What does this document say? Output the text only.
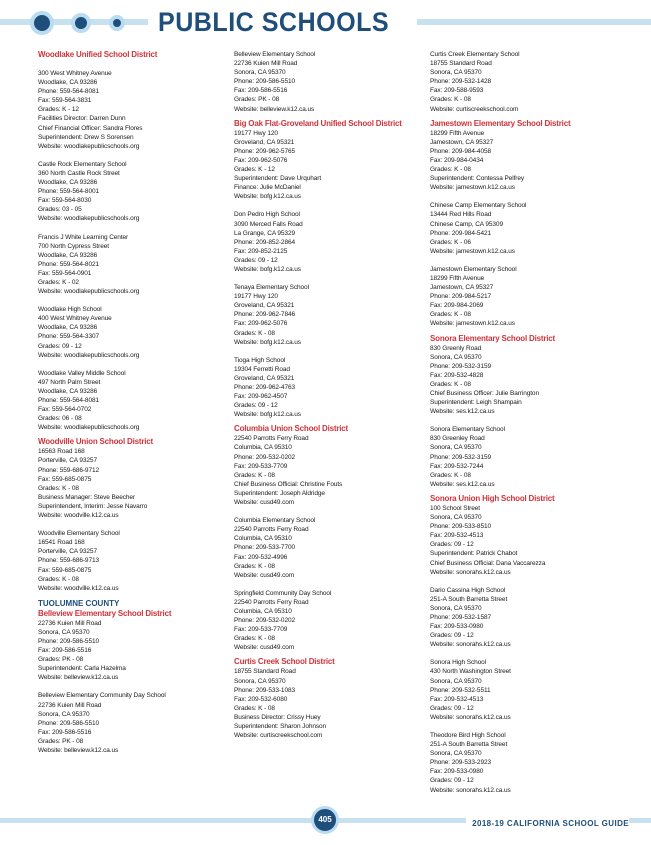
PUBLIC SCHOOLS
Woodlake Unified School District
300 West Whitney Avenue
Woodlake, CA 93286
Phone: 559-564-8081
Fax: 559-564-3831
Grades: K - 12
Facilities Director: Darren Dunn
Chief Financial Officer: Sandra Flores
Superintendent: Drew S Sorensen
Website: woodlakepublicschools.org
Castle Rock Elementary School
360 North Castle Rock Street
Woodlake, CA 93286
Phone: 559-564-8001
Fax: 559-564-8030
Grades: 03 - 05
Website: woodlakepublicschools.org
Francis J White Learning Center
700 North Cypress Street
Woodlake, CA 93286
Phone: 559-564-8021
Fax: 559-564-0901
Grades: K - 02
Website: woodlakepublicschools.org
Woodlake High School
400 West Whitney Avenue
Woodlake, CA 93286
Phone: 559-564-3307
Grades: 09 - 12
Website: woodlakepublicschools.org
Woodlake Valley Middle School
497 North Palm Street
Woodlake, CA 93286
Phone: 559-564-8081
Fax: 559-564-0702
Grades: 06 - 08
Website: woodlakepublicschools.org
Woodville Union School District
16563 Road 168
Porterville, CA 93257
Phone: 559-686-9712
Fax: 559-685-0875
Grades: K - 08
Business Manager: Steve Beecher
Superintendent, Interim: Jesse Navarro
Website: woodville.k12.ca.us
Woodville Elementary School
16541 Road 168
Porterville, CA 93257
Phone: 559-686-9713
Fax: 559-685-0875
Grades: K - 08
Website: woodville.k12.ca.us
TUOLUMNE COUNTY
Belleview Elementary School District
22736 Kuien Mill Road
Sonora, CA 95370
Phone: 209-586-5510
Fax: 209-586-5516
Grades: PK - 08
Superintendent: Carla Hazelma
Website: belleview.k12.ca.us
Belleview Elementary Community Day School
22736 Kuien Mill Road
Sonora, CA 95370
Phone: 209-586-5510
Fax: 209-586-5516
Grades: PK - 08
Website: belleview.k12.ca.us
Belleview Elementary School
22736 Kuien Mill Road
Sonora, CA 95370
Phone: 209-586-5510
Fax: 209-586-5516
Grades: PK - 08
Website: belleview.k12.ca.us
Big Oak Flat-Groveland Unified School District
19177 Hwy 120
Groveland, CA 95321
Phone: 209-962-5765
Fax: 209-962-5076
Grades: K - 12
Superintendent: Dave Urquhart
Finance: Julie McDaniel
Website: bofg.k12.ca.us
Don Pedro High School
3090 Merced Falls Road
La Grange, CA 95329
Phone: 209-852-2864
Fax: 209-852-2125
Grades: 09 - 12
Website: bofg.k12.ca.us
Tenaya Elementary School
19177 Hwy 120
Groveland, CA 95321
Phone: 209-962-7846
Fax: 209-962-5076
Grades: K - 08
Website: bofg.k12.ca.us
Tioga High School
19304 Ferretti Road
Groveland, CA 95321
Phone: 209-962-4763
Fax: 209-962-4507
Grades: 09 - 12
Website: bofg.k12.ca.us
Columbia Union School District
22540 Parrotts Ferry Road
Columbia, CA 95310
Phone: 209-532-0202
Fax: 209-533-7709
Grades: K - 08
Chief Business Official: Christine Fouts
Superintendent: Joseph Aldridge
Website: cusd49.com
Columbia Elementary School
22540 Parrotts Ferry Road
Columbia, CA 95310
Phone: 209-533-7700
Fax: 209-532-4996
Grades: K - 08
Website: cusd49.com
Springfield Community Day School
22540 Parrotts Ferry Road
Columbia, CA 95310
Phone: 209-532-0202
Fax: 209-533-7709
Grades: K - 08
Website: cusd49.com
Curtis Creek School District
18755 Standard Road
Sonora, CA 95370
Phone: 209-533-1083
Fax: 209-532-6080
Grades: K - 08
Business Director: Crissy Huey
Superintendent: Sharon Johnson
Website: curtiscreekschool.com
Curtis Creek Elementary School
18755 Standard Road
Sonora, CA 95370
Phone: 209-532-1428
Fax: 209-588-9593
Grades: K - 08
Website: curtiscreekschool.com
Jamestown Elementary School District
18299 Fifth Avenue
Jamestown, CA 95327
Phone: 209-984-4058
Fax: 209-984-0434
Grades: K - 08
Superintendent: Contessa Pelfrey
Website: jamestown.k12.ca.us
Chinese Camp Elementary School
13444 Red Hills Road
Chinese Camp, CA 95309
Phone: 209-984-5421
Grades: K - 06
Website: jamestown.k12.ca.us
Jamestown Elementary School
18299 Fifth Avenue
Jamestown, CA 95327
Phone: 209-984-5217
Fax: 209-984-2069
Grades: K - 08
Website: jamestown.k12.ca.us
Sonora Elementary School District
830 Greenly Road
Sonora, CA 95370
Phone: 209-532-3159
Fax: 209-532-4828
Grades: K - 08
Chief Business Officer: Julie Barrington
Superintendent: Leigh Shampain
Website: ses.k12.ca.us
Sonora Elementary School
830 Greenley Road
Sonora, CA 95370
Phone: 209-532-3159
Fax: 209-532-7244
Grades: K - 08
Website: ses.k12.ca.us
Sonora Union High School District
100 School Street
Sonora, CA 95370
Phone: 209-533-8510
Fax: 209-532-4513
Grades: 09 - 12
Superintendent: Patrick Chabot
Chief Business Official: Dana Vaccarezza
Website: sonorahs.k12.ca.us
Dario Cassina High School
251-A South Barretta Street
Sonora, CA 95370
Phone: 209-532-1587
Fax: 209-533-0980
Grades: 09 - 12
Website: sonorahs.k12.ca.us
Sonora High School
430 North Washington Street
Sonora, CA 95370
Phone: 209-532-5511
Fax: 209-532-4513
Grades: 09 - 12
Website: sonorahs.k12.ca.us
Theodore Bird High School
251-A South Barretta Street
Sonora, CA 95370
Phone: 209-533-2923
Fax: 209-533-0980
Grades: 09 - 12
Website: sonorahs.k12.ca.us
405	2018-19 CALIFORNIA SCHOOL GUIDE
